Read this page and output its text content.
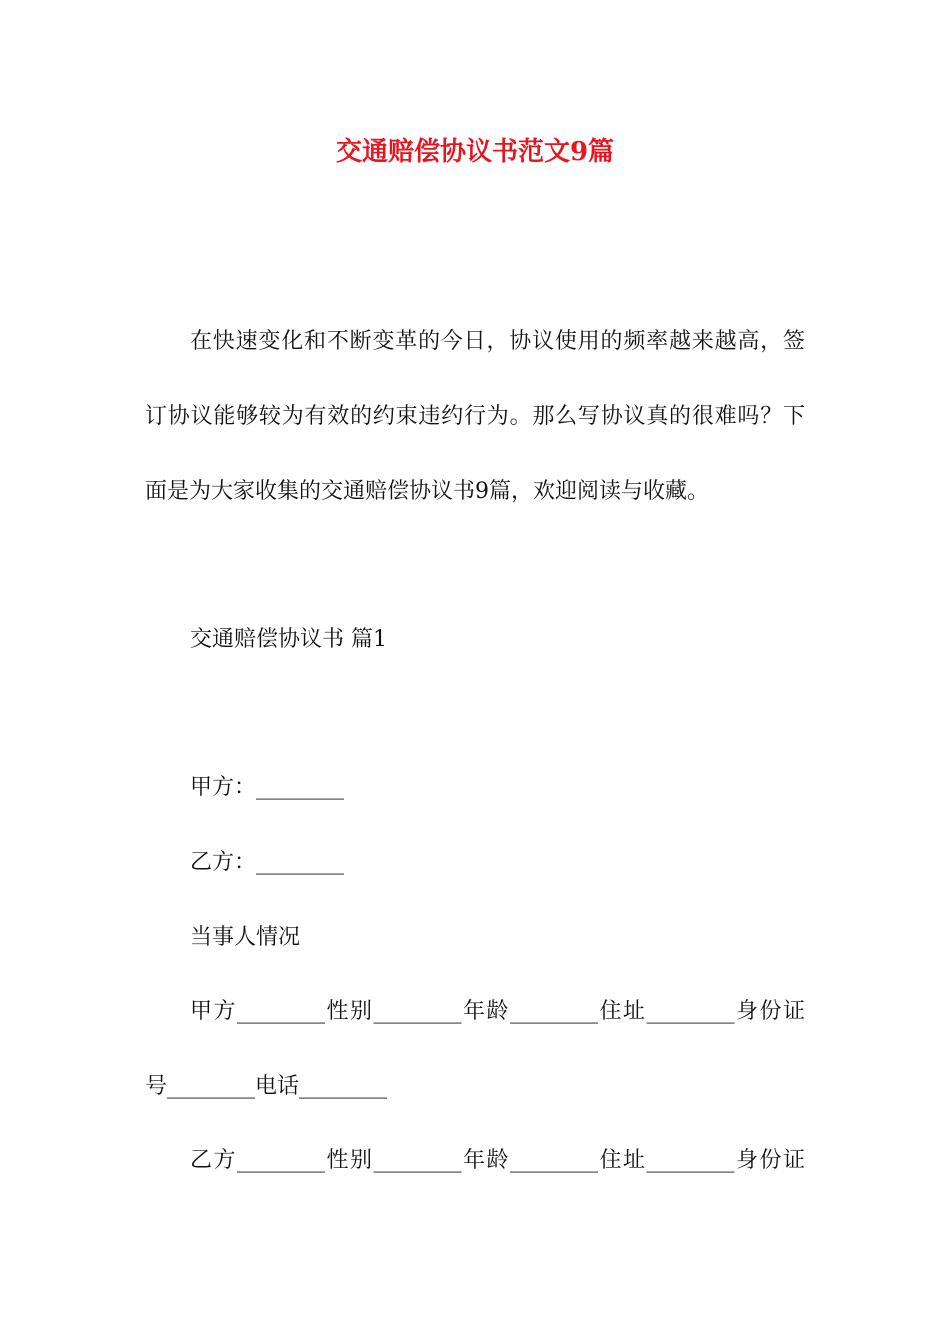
交通赔偿协议书范文9篇
在快速变化和不断变革的今日，协议使用的频率越来越高，签
订协议能够较为有效的约束违约行为。那么写协议真的很难吗？下
面是为大家收集的交通赔偿协议书9篇，欢迎阅读与收藏。
交通赔偿协议书 篇1
甲方：________
乙方：________
当事人情况
甲方________性别________年龄________住址________身份证
号________电话________
乙方________性别________年龄________住址________身份证
